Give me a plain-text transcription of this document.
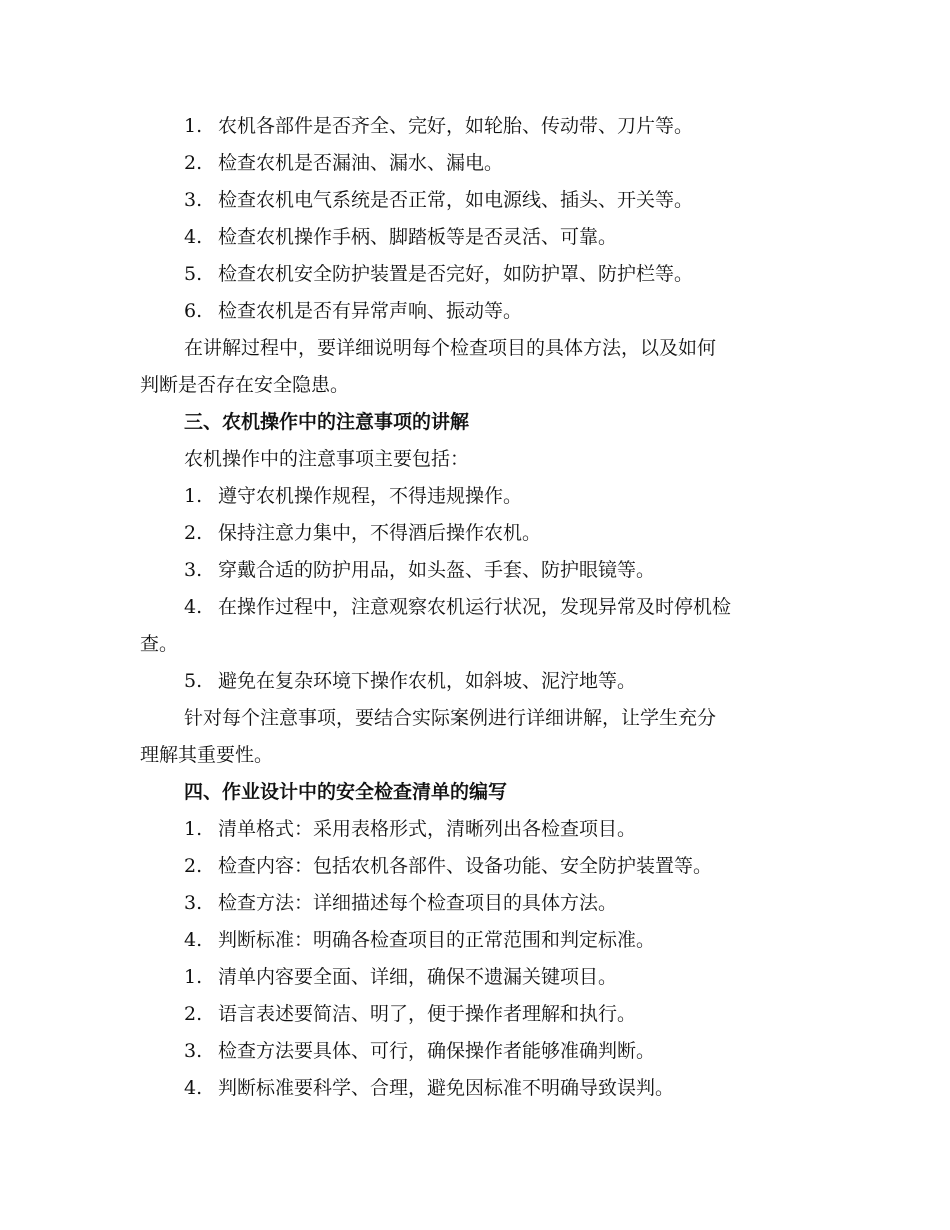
1. 农机各部件是否齐全、完好，如轮胎、传动带、刀片等。
2. 检查农机是否漏油、漏水、漏电。
3. 检查农机电气系统是否正常，如电源线、插头、开关等。
4. 检查农机操作手柄、脚踏板等是否灵活、可靠。
5. 检查农机安全防护装置是否完好，如防护罩、防护栏等。
6. 检查农机是否有异常声响、振动等。
在讲解过程中，要详细说明每个检查项目的具体方法，以及如何
判断是否存在安全隐患。
三、农机操作中的注意事项的讲解
农机操作中的注意事项主要包括：
1. 遵守农机操作规程，不得违规操作。
2. 保持注意力集中，不得酒后操作农机。
3. 穿戴合适的防护用品，如头盔、手套、防护眼镜等。
4. 在操作过程中，注意观察农机运行状况，发现异常及时停机检
查。
5. 避免在复杂环境下操作农机，如斜坡、泥泞地等。
针对每个注意事项，要结合实际案例进行详细讲解，让学生充分
理解其重要性。
四、作业设计中的安全检查清单的编写
1. 清单格式：采用表格形式，清晰列出各检查项目。
2. 检查内容：包括农机各部件、设备功能、安全防护装置等。
3. 检查方法：详细描述每个检查项目的具体方法。
4. 判断标准：明确各检查项目的正常范围和判定标准。
1. 清单内容要全面、详细，确保不遗漏关键项目。
2. 语言表述要简洁、明了，便于操作者理解和执行。
3. 检查方法要具体、可行，确保操作者能够准确判断。
4. 判断标准要科学、合理，避免因标准不明确导致误判。
